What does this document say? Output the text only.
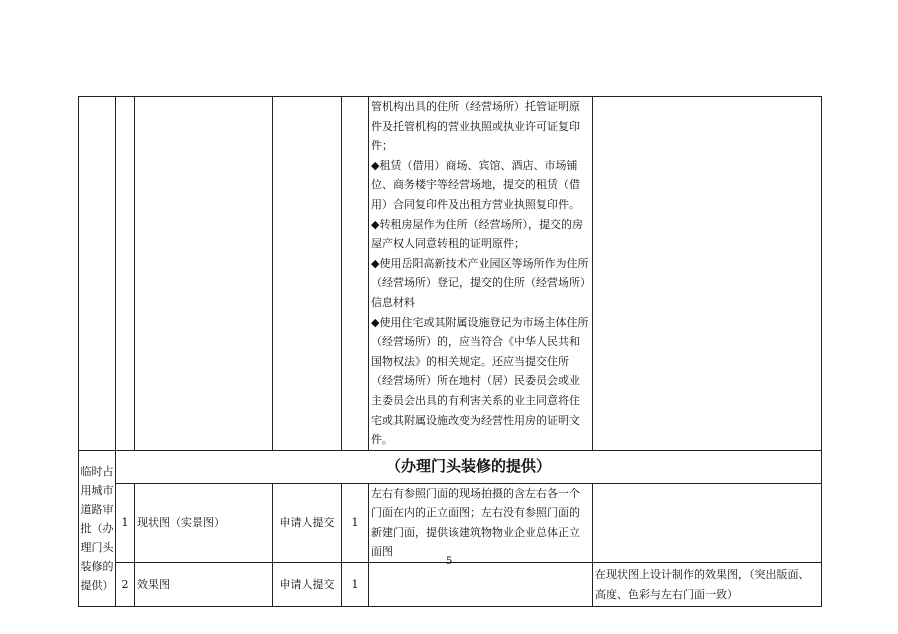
					管机构出具的住所（经营场所）托管证明原件及托管机构的营业执照或执业许可证复印件；
◆租赁（借用）商场、宾馆、酒店、市场铺位、商务楼宇等经营场地，提交的租赁（借用）合同复印件及出租方营业执照复印件。
◆转租房屋作为住所（经营场所），提交的房屋产权人同意转租的证明原件；
◆使用岳阳高新技术产业园区等场所作为住所（经营场所）登记，提交的住所（经营场所）信息材料
◆使用住宅或其附属设施登记为市场主体住所（经营场所）的，应当符合《中华人民共和国物权法》的相关规定。还应当提交住所（经营场所）所在地村（居）民委员会或业主委员会出具的有利害关系的业主同意将住宅或其附属设施改变为经营性用房的证明文件。	
临时占用城市道路审批（办理门头装修的提供）	（办理门头装修的提供）					
	1	现状图（实景图）	申请人提交	1	左右有参照门面的现场拍摄的含左右各一个门面在内的正立面图；左右没有参照门面的新建门面，提供该建筑物物业企业总体正立面图	
	2	效果图	申请人提交	1		在现状图上设计制作的效果图，（突出版面、高度、色彩与左右门面一致）
5
